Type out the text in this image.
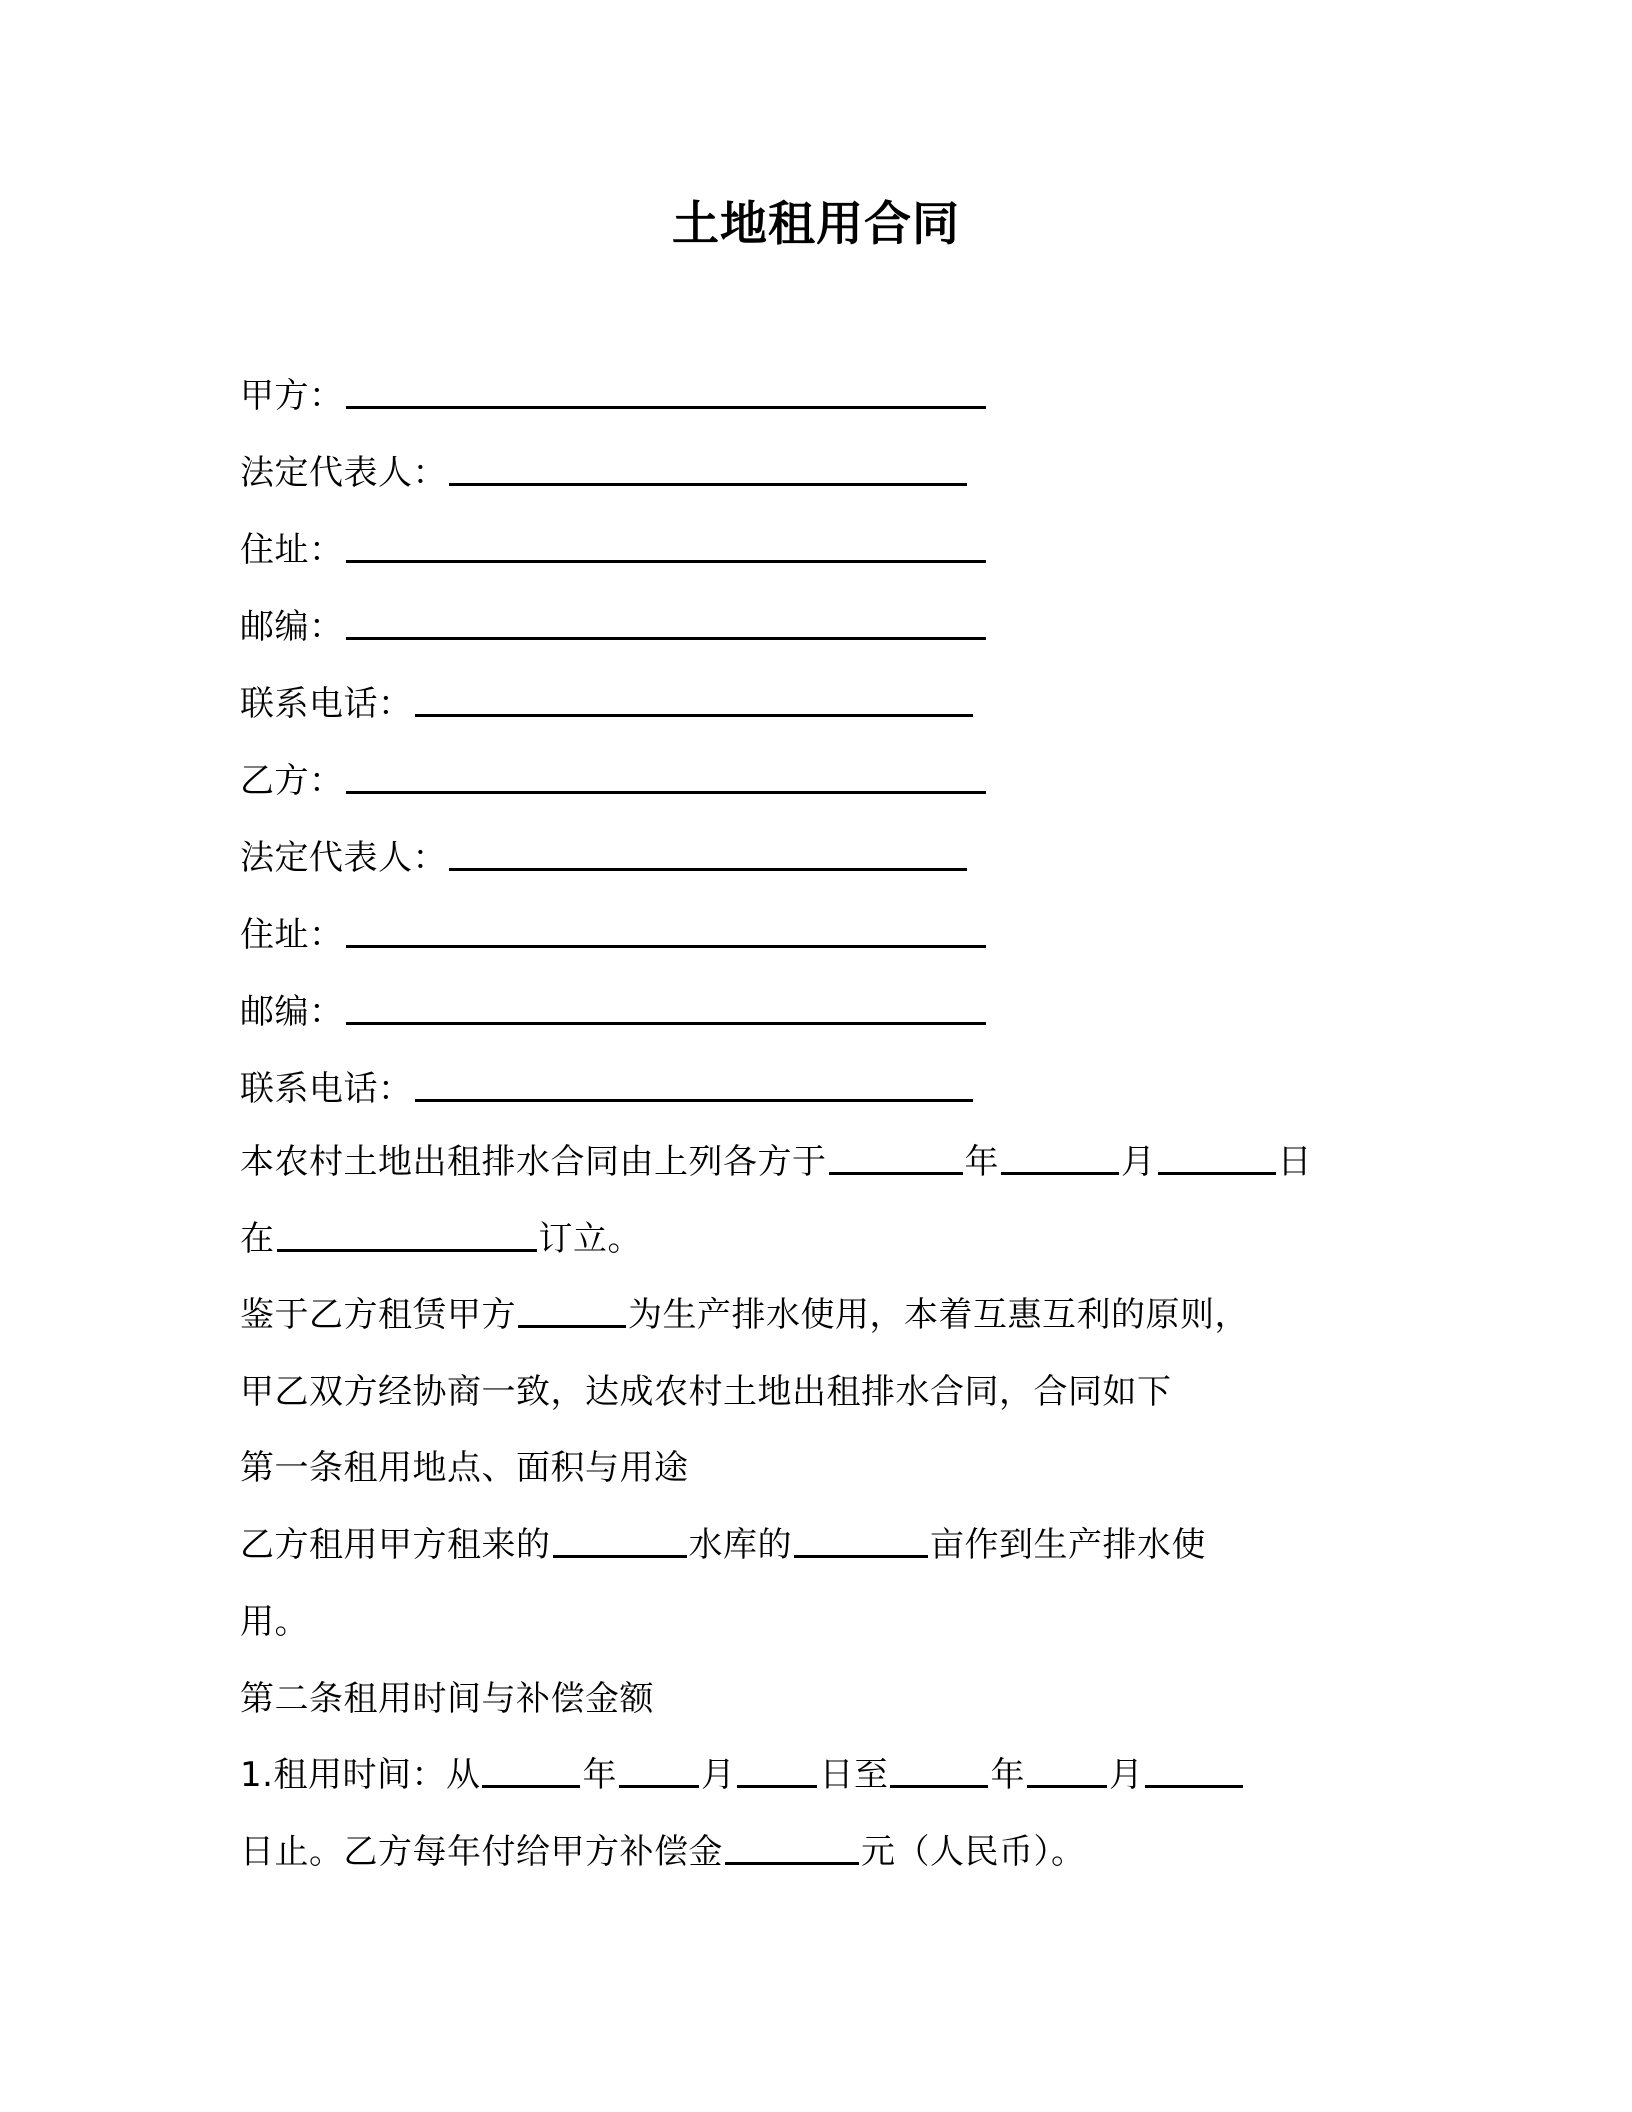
土地租用合同
甲方：
法定代表人：
住址：
邮编：
联系电话：
乙方：
法定代表人：
住址：
邮编：
联系电话：
本农村土地出租排水合同由上列各方于	年	月	日
在	订立。
鉴于乙方租赁甲方	为生产排水使用，本着互惠互利的原则，
甲乙双方经协商一致，达成农村土地出租排水合同，合同如下
第一条租用地点、面积与用途
乙方租用甲方租来的	水库的	亩作到生产排水使
用。
第二条租用时间与补偿金额
1.租用时间：从	年 月 日至	年 月
日止。乙方每年付给甲方补偿金	元（人民币）。
